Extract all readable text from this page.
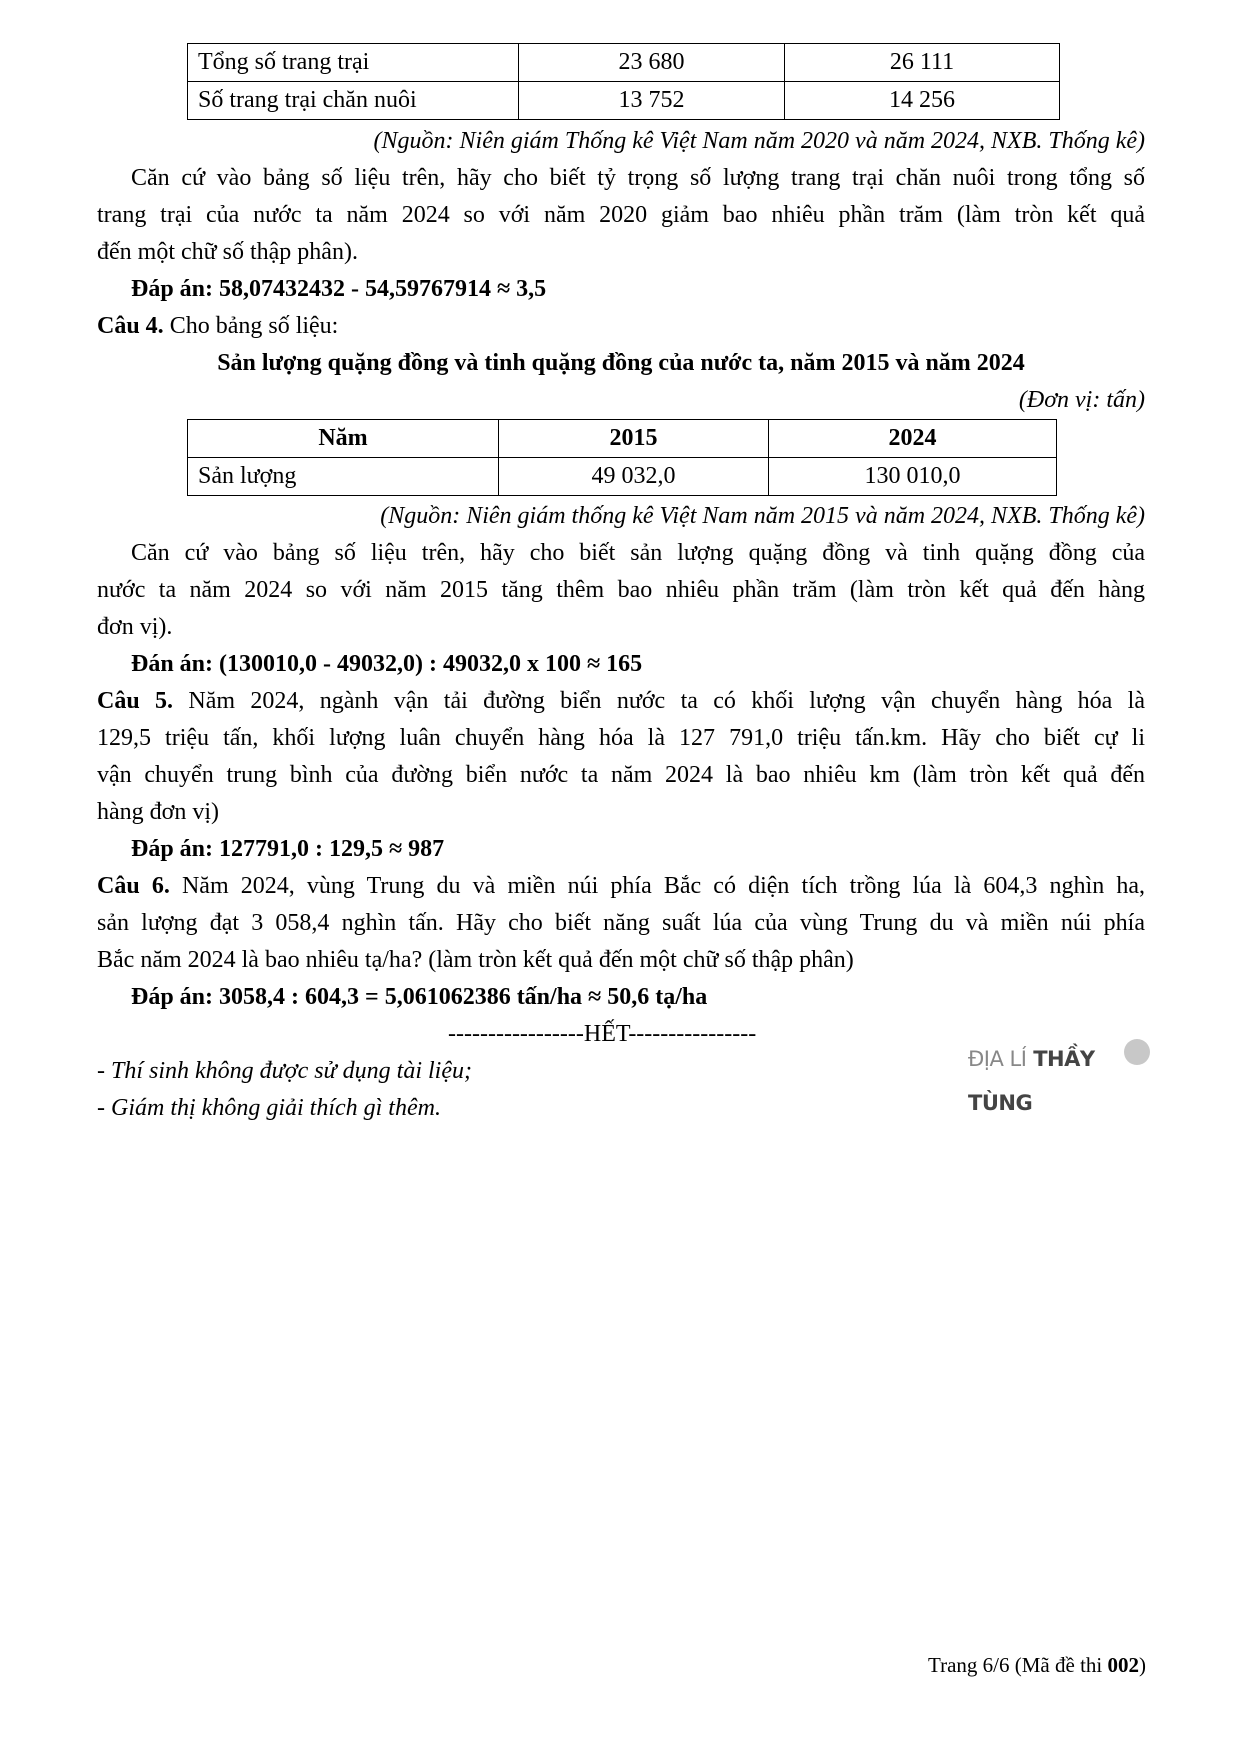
Tổng số trang trại	23 680	26 111
Số trang trại chăn nuôi	13 752	14 256
(Nguồn: Niên giám Thống kê Việt Nam năm 2020 và năm 2024, NXB. Thống kê)
Căn cứ vào bảng số liệu trên, hãy cho biết tỷ trọng số lượng trang trại chăn nuôi trong tổng số
trang trại của nước ta năm 2024 so với năm 2020 giảm bao nhiêu phần trăm (làm tròn kết quả
đến một chữ số thập phân).
Đáp án: 58,07432432 - 54,59767914 ≈ 3,5
Câu 4. Cho bảng số liệu:
Sản lượng quặng đồng và tinh quặng đồng của nước ta, năm 2015 và năm 2024
(Đơn vị: tấn)
Năm	2015	2024
Sản lượng	49 032,0	130 010,0
(Nguồn: Niên giám thống kê Việt Nam năm 2015 và năm 2024, NXB. Thống kê)
Căn cứ vào bảng số liệu trên, hãy cho biết sản lượng quặng đồng và tinh quặng đồng của
nước ta năm 2024 so với năm 2015 tăng thêm bao nhiêu phần trăm (làm tròn kết quả đến hàng
đơn vị).
Đán án: (130010,0 - 49032,0) : 49032,0 x 100 ≈ 165
Câu 5. Năm 2024, ngành vận tải đường biển nước ta có khối lượng vận chuyển hàng hóa là
129,5 triệu tấn, khối lượng luân chuyển hàng hóa là 127 791,0 triệu tấn.km. Hãy cho biết cự li
vận chuyển trung bình của đường biển nước ta năm 2024 là bao nhiêu km (làm tròn kết quả đến
hàng đơn vị)
Đáp án: 127791,0 : 129,5 ≈ 987
Câu 6. Năm 2024, vùng Trung du và miền núi phía Bắc có diện tích trồng lúa là 604,3 nghìn ha,
sản lượng đạt 3 058,4 nghìn tấn. Hãy cho biết năng suất lúa của vùng Trung du và miền núi phía
Bắc năm 2024 là bao nhiêu tạ/ha? (làm tròn kết quả đến một chữ số thập phân)
Đáp án: 3058,4 : 604,3 = 5,061062386 tấn/ha ≈ 50,6 tạ/ha
-----------------HẾT----------------
- Thí sinh không được sử dụng tài liệu;
- Giám thị không giải thích gì thêm.
ĐỊA LÍ THẦY TÙNG
Trang 6/6 (Mã đề thi 002)
